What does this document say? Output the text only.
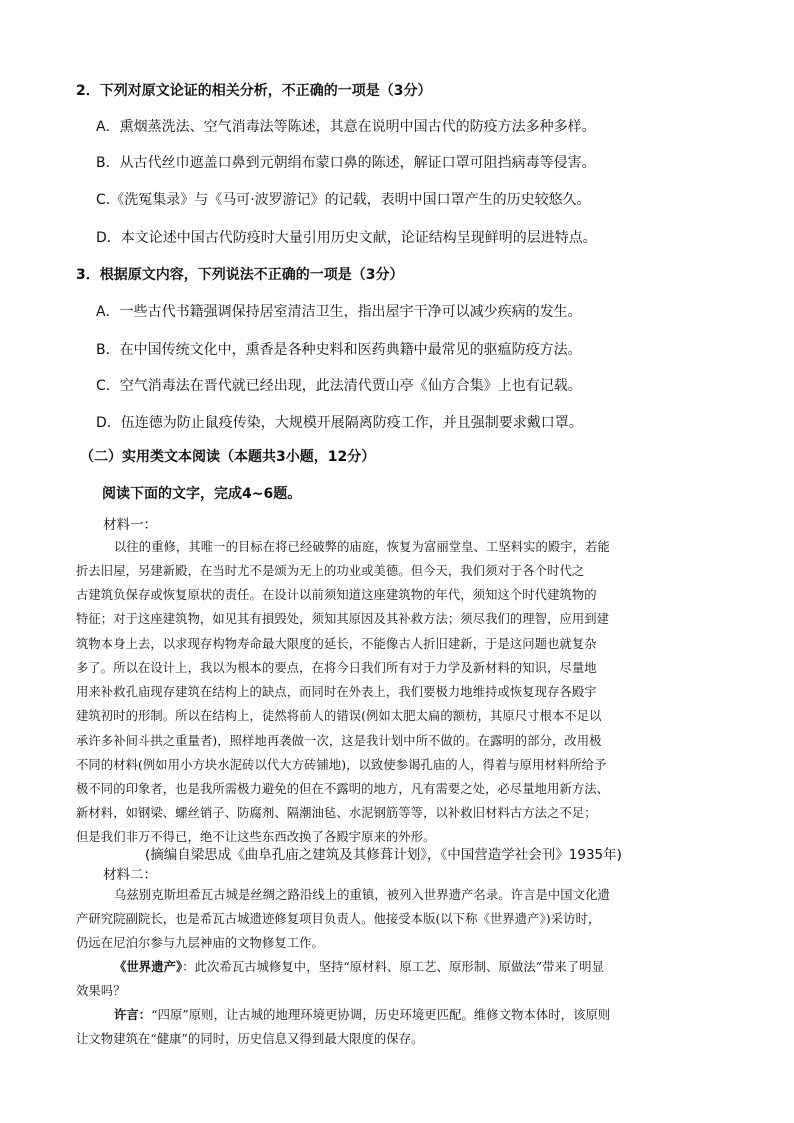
2．下列对原文论证的相关分析，不正确的一项是（3分）
A．熏烟蒸洗法、空气消毒法等陈述，其意在说明中国古代的防疫方法多种多样。
B．从古代丝巾遮盖口鼻到元朝绢布蒙口鼻的陈述，解证口罩可阻挡病毒等侵害。
C.《洗冤集录》与《马可·波罗游记》的记载，表明中国口罩产生的历史较悠久。
D．本文论述中国古代防疫时大量引用历史文献，论证结构呈现鲜明的层进特点。
3．根据原文内容，下列说法不正确的一项是（3分）
A．一些古代书籍强调保持居室清洁卫生，指出屋宇干净可以减少疾病的发生。
B．在中国传统文化中，熏香是各种史料和医药典籍中最常见的驱瘟防疫方法。
C．空气消毒法在晋代就已经出现，此法清代贾山亭《仙方合集》上也有记载。
D．伍连德为防止鼠疫传染，大规模开展隔离防疫工作，并且强制要求戴口罩。
（二）实用类文本阅读（本题共3小题，12分）
阅读下面的文字，完成4~6题。
材料一：
以往的重修，其唯一的目标在将已经破弊的庙庭，恢复为富丽堂皇、工坚料实的殿宇，若能
折去旧屋，另建新殿，在当时尤不是颂为无上的功业或美德。但今天，我们须对于各个时代之
古建筑负保存或恢复原状的责任。在设计以前须知道这座建筑物的年代，须知这个时代建筑物的
特征；对于这座建筑物，如见其有損毁处，须知其原因及其补救方法；须尽我们的理智，应用到建
筑物本身上去，以求现存构物寿命最大限度的延长，不能像古人折旧建新，于是这问题也就复杂
多了。所以在设计上，我以为根本的要点，在将今日我们所有对于力学及新材料的知识，尽量地
用来补救孔庙现存建筑在结构上的缺点，而同时在外表上，我们要极力地维持或恢复现存各殿宇
建筑初时的形制。所以在结构上，徒然将前人的错误(例如太肥太扁的额枋，其原尺寸根本不足以
承许多补间斗拱之重量者)，照样地再袭做一次，这是我计划中所不做的。在露明的部分，改用极
不同的材料(例如用小方块水泥砖以代大方砖铺地)，以致使参谒孔庙的人，得着与原用材料所给予
极不同的印象者，也是我所需极力避免的但在不露明的地方，凡有需要之处，必尽量地用新方法、
新材料，如钢梁、螺丝销子、防腐剂、隔潮油毡、水泥钢筋等等，以补救旧材料古方法之不足；
但是我们非万不得已，绝不让这些东西改换了各殿宇原来的外形。
(摘编自梁思成《曲阜孔庙之建筑及其修葺计划》，《中国营造学社会刊》1935年)
材料二：
乌兹别克斯坦希瓦古城是丝绸之路沿线上的重镇，被列入世界遗产名录。许言是中国文化遗
产研究院副院长，也是希瓦古城遗迹修复项目负责人。他接受本版(以下称《世界遗产》)采访时，
仍远在尼泊尔参与九层神庙的文物修复工作。
《世界遗产》：此次希瓦古城修复中，坚持“原材料、原工艺、原形制、原做法”带来了明显
效果吗？
许言：“四原”原则，让古城的地理环境更协调，历史环境更匹配。维修文物本体时，该原则
让文物建筑在“健康”的同时，历史信息又得到最大限度的保存。
